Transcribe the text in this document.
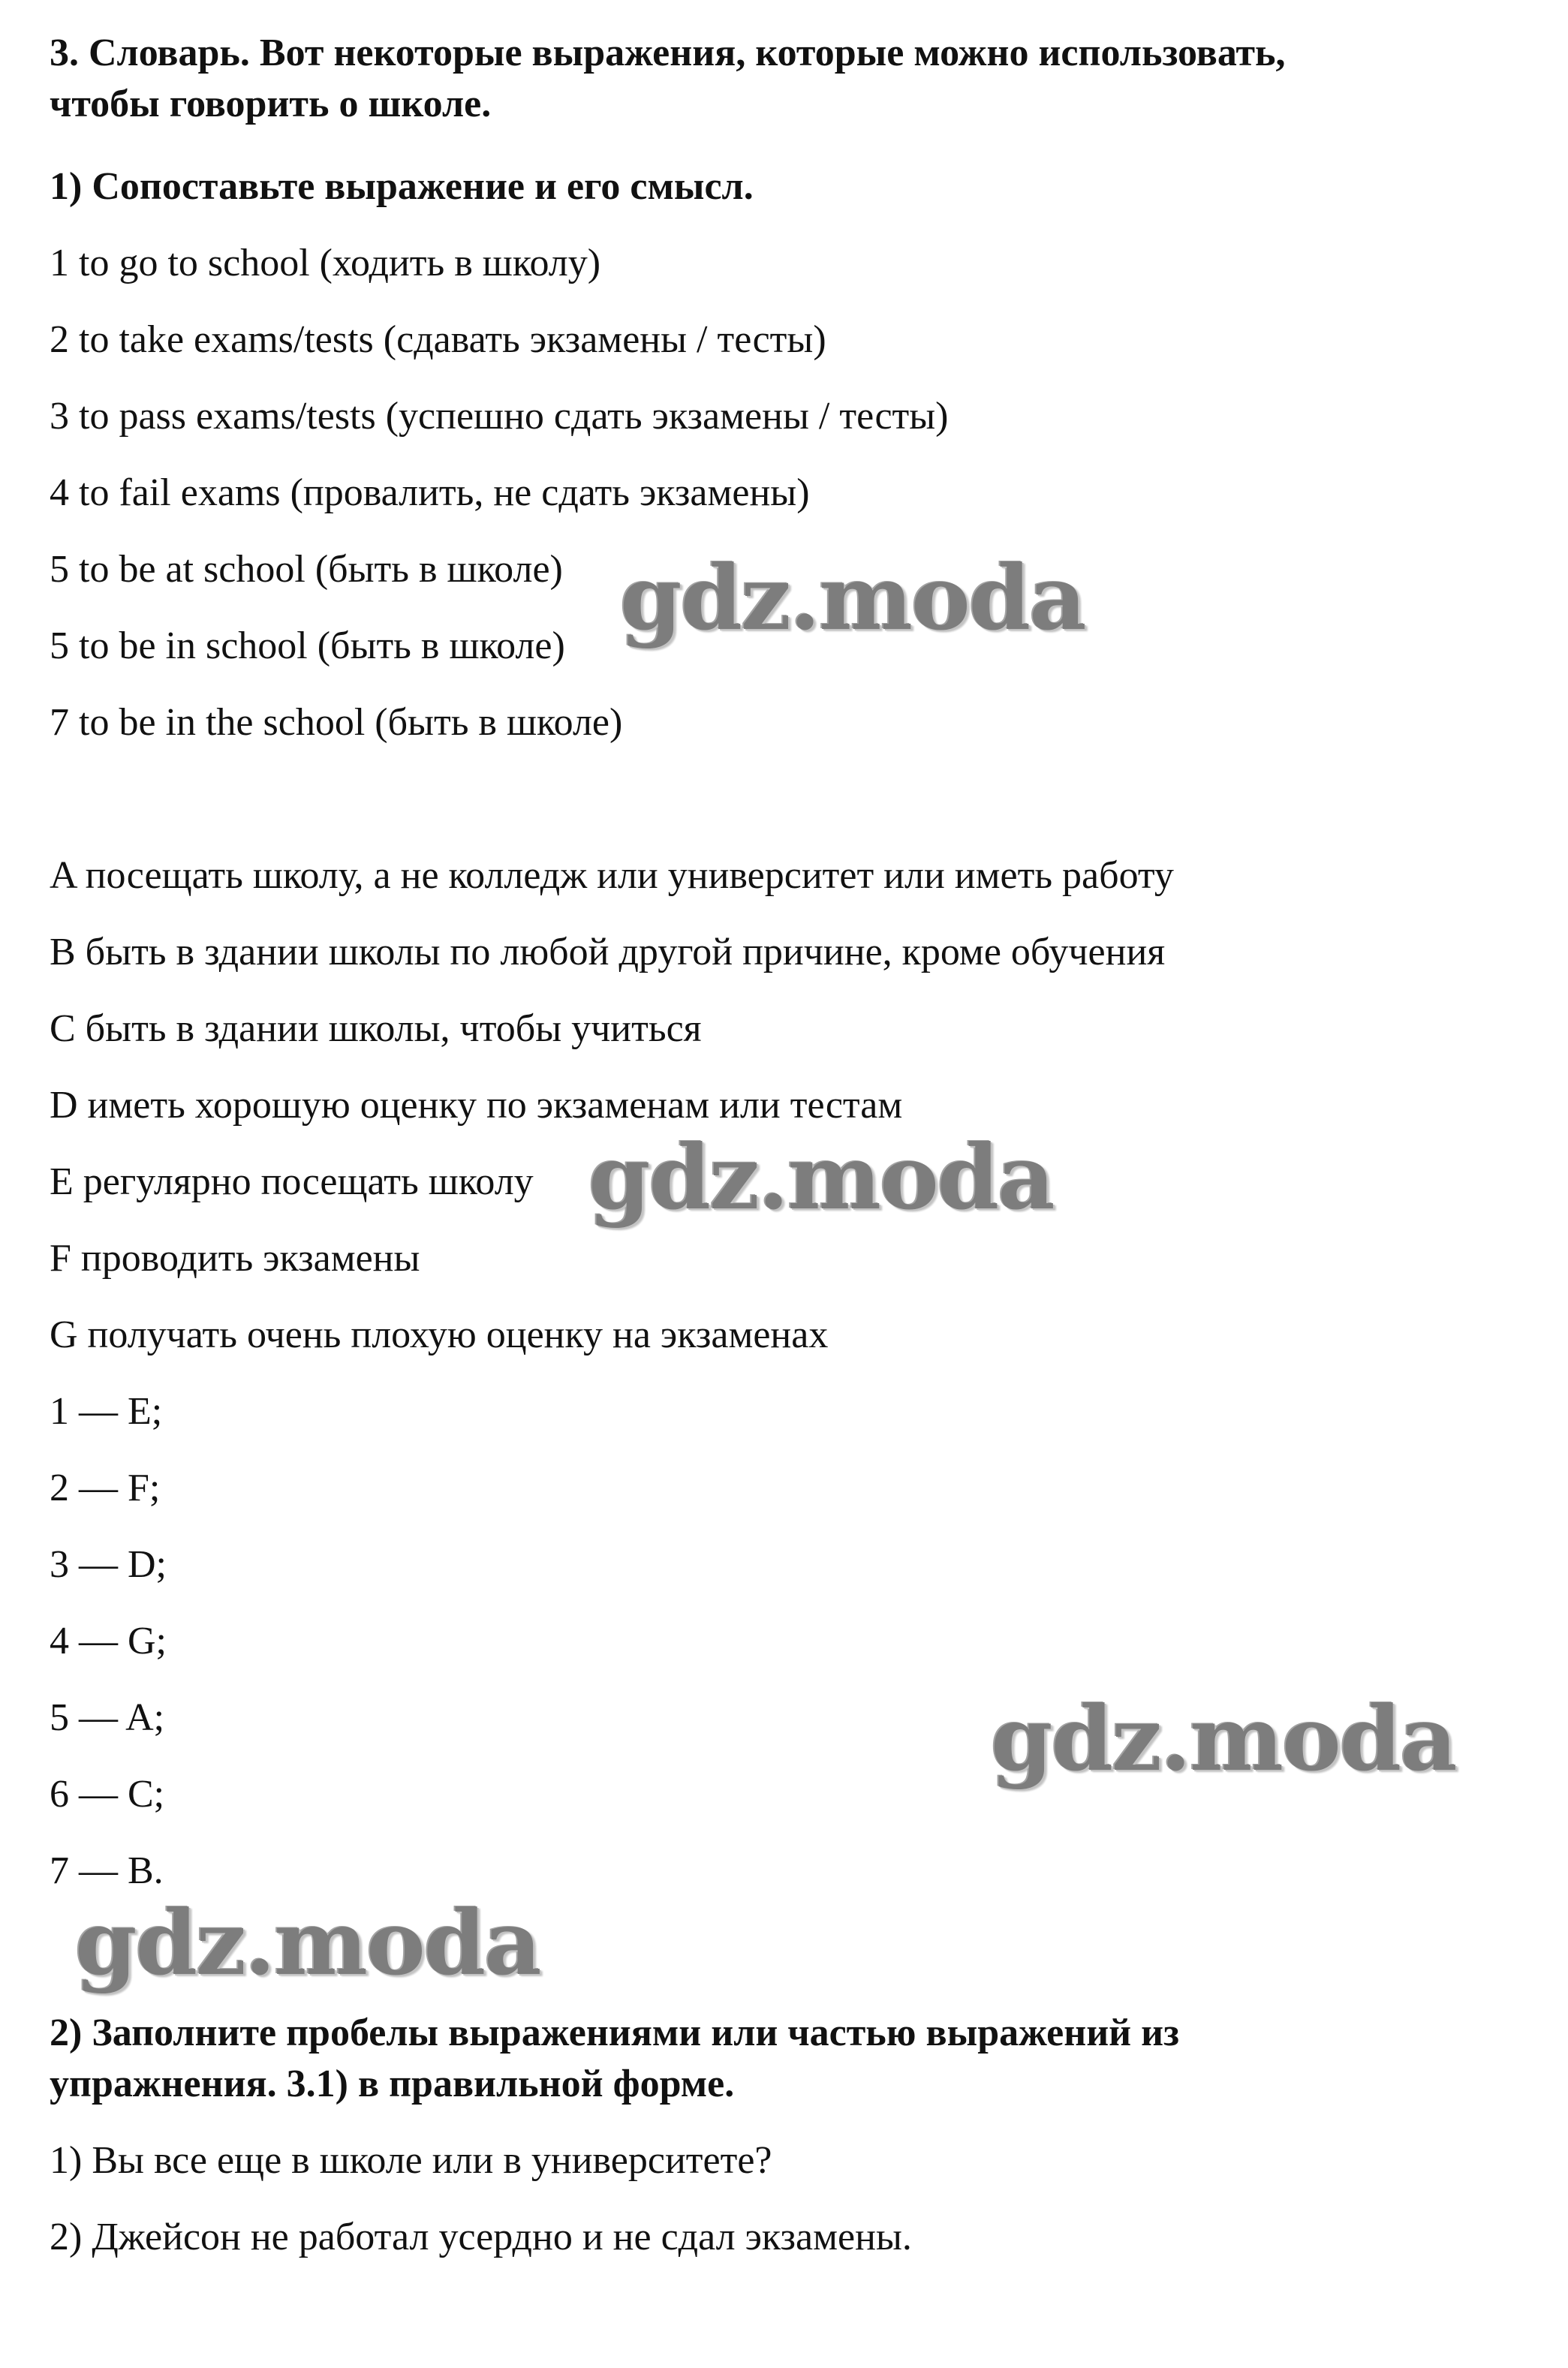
3. Словарь. Вот некоторые выражения, которые можно использовать,
чтобы говорить о школе.
1) Сопоставьте выражение и его смысл.
1 to go to school (ходить в школу)
2 to take exams/tests (сдавать экзамены / тесты)
3 to pass exams/tests (успешно сдать экзамены / тесты)
4 to fail exams (провалить, не сдать экзамены)
5 to be at school (быть в школе)
5 to be in school (быть в школе)
7 to be in the school (быть в школе)
A посещать школу, а не колледж или университет или иметь работу
B быть в здании школы по любой другой причине, кроме обучения
C быть в здании школы, чтобы учиться
D иметь хорошую оценку по экзаменам или тестам
E регулярно посещать школу
F проводить экзамены
G получать очень плохую оценку на экзаменах
1 — E;
2 — F;
3 — D;
4 — G;
5 — A;
6 — C;
7 — B.
2) Заполните пробелы выражениями или частью выражений из
упражнения. 3.1) в правильной форме.
1) Вы все еще в школе или в университете?
2) Джейсон не работал усердно и не сдал экзамены.
gdz.moda
gdz.moda
gdz.moda
gdz.moda
